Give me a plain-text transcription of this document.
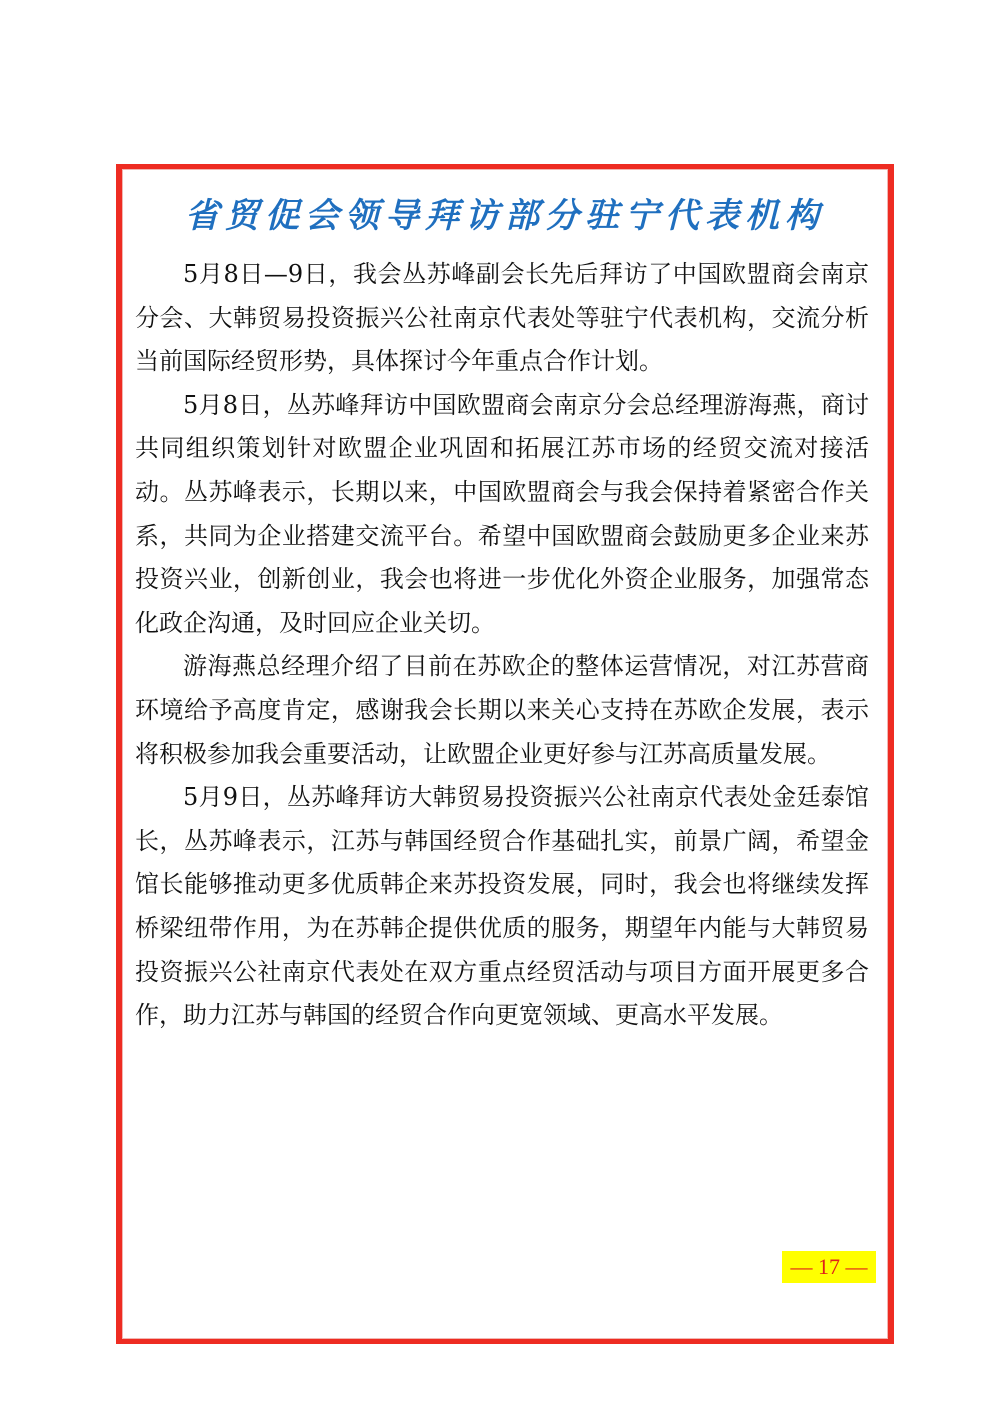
省贸促会领导拜访部分驻宁代表机构

5月8日—9日，我会丛苏峰副会长先后拜访了中国欧盟商会南京分会、大韩贸易投资振兴公社南京代表处等驻宁代表机构，交流分析当前国际经贸形势，具体探讨今年重点合作计划。

5月8日，丛苏峰拜访中国欧盟商会南京分会总经理游海燕，商讨共同组织策划针对欧盟企业巩固和拓展江苏市场的经贸交流对接活动。丛苏峰表示，长期以来，中国欧盟商会与我会保持着紧密合作关系，共同为企业搭建交流平台。希望中国欧盟商会鼓励更多企业来苏投资兴业，创新创业，我会也将进一步优化外资企业服务，加强常态化政企沟通，及时回应企业关切。

游海燕总经理介绍了目前在苏欧企的整体运营情况，对江苏营商环境给予高度肯定，感谢我会长期以来关心支持在苏欧企发展，表示将积极参加我会重要活动，让欧盟企业更好参与江苏高质量发展。

5月9日，丛苏峰拜访大韩贸易投资振兴公社南京代表处金廷泰馆长，丛苏峰表示，江苏与韩国经贸合作基础扎实，前景广阔，希望金馆长能够推动更多优质韩企来苏投资发展，同时，我会也将继续发挥桥梁纽带作用，为在苏韩企提供优质的服务，期望年内能与大韩贸易投资振兴公社南京代表处在双方重点经贸活动与项目方面开展更多合作，助力江苏与韩国的经贸合作向更宽领域、更高水平发展。

— 17 —
